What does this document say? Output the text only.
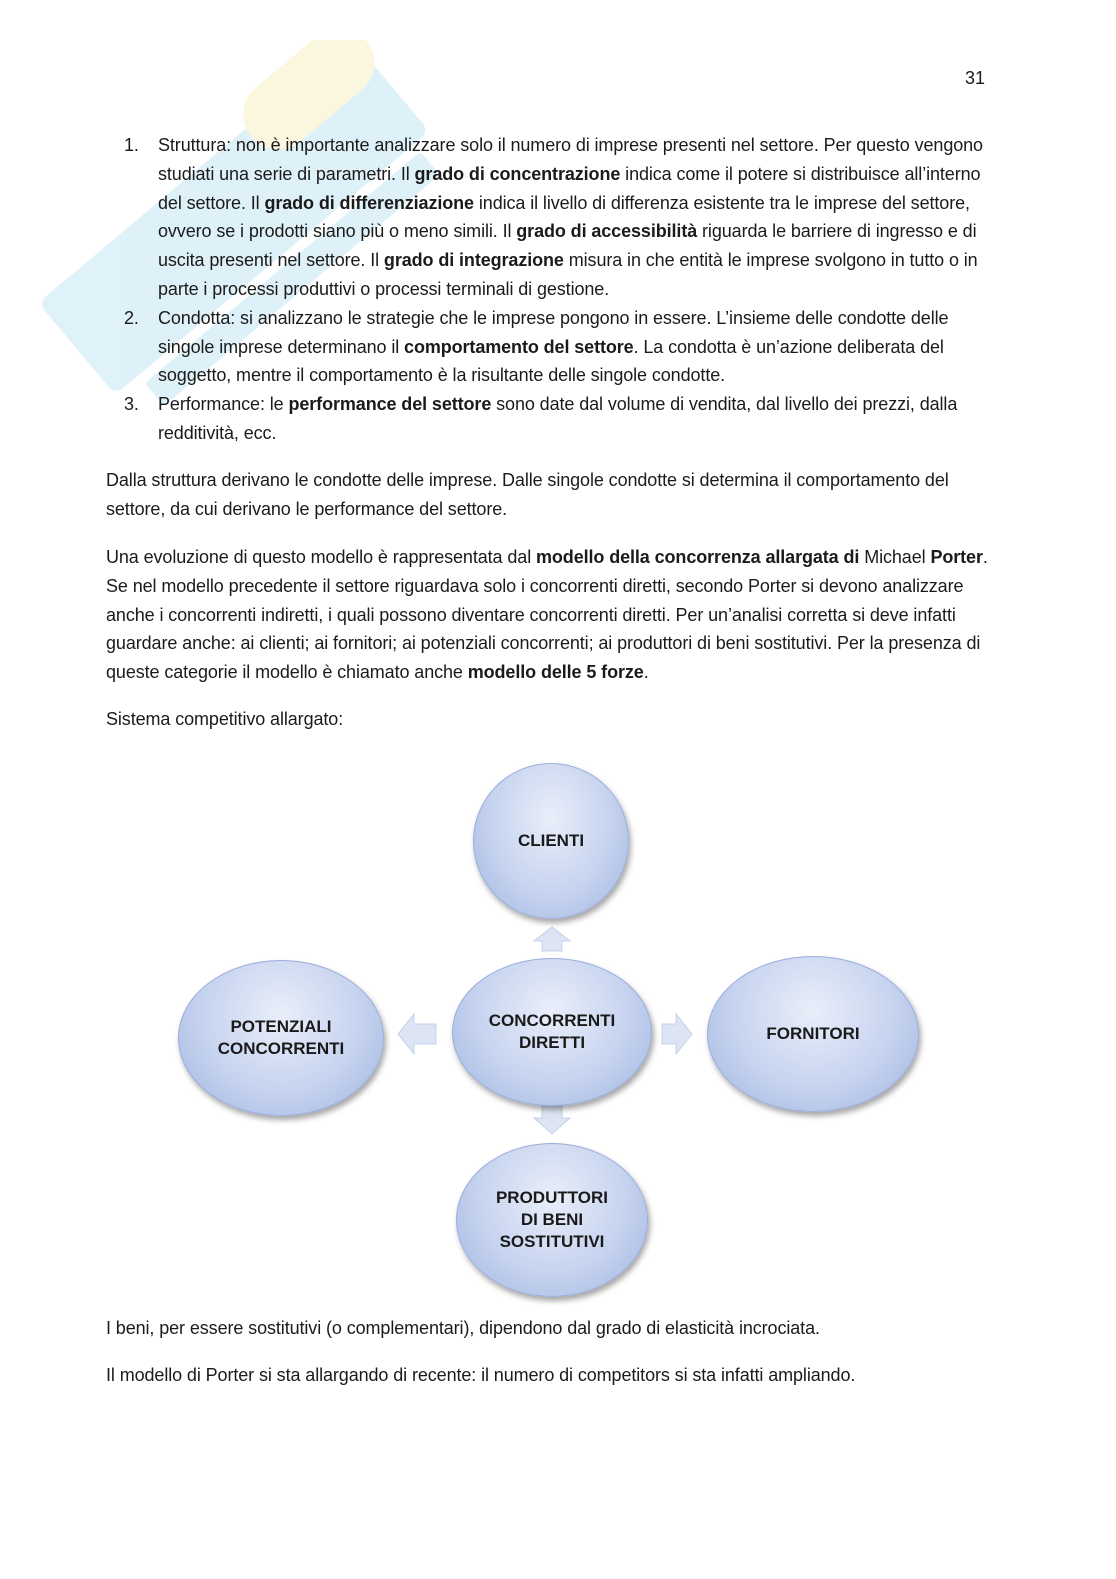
31
1. Struttura: non è importante analizzare solo il numero di imprese presenti nel settore. Per questo vengono studiati una serie di parametri. Il grado di concentrazione indica come il potere si distribuisce all’interno del settore. Il grado di differenziazione indica il livello di differenza esistente tra le imprese del settore, ovvero se i prodotti siano più o meno simili. Il grado di accessibilità riguarda le barriere di ingresso e di uscita presenti nel settore. Il grado di integrazione misura in che entità le imprese svolgono in tutto o in parte i processi produttivi o processi terminali di gestione.
2. Condotta: si analizzano le strategie che le imprese pongono in essere. L’insieme delle condotte delle singole imprese determinano il comportamento del settore. La condotta è un’azione deliberata del soggetto, mentre il comportamento è la risultante delle singole condotte.
3. Performance: le performance del settore sono date dal volume di vendita, dal livello dei prezzi, dalla redditività, ecc.

Dalla struttura derivano le condotte delle imprese. Dalle singole condotte si determina il comportamento del settore, da cui derivano le performance del settore.

Una evoluzione di questo modello è rappresentata dal modello della concorrenza allargata di Michael Porter. Se nel modello precedente il settore riguardava solo i concorrenti diretti, secondo Porter si devono analizzare anche i concorrenti indiretti, i quali possono diventare concorrenti diretti. Per un’analisi corretta si deve infatti guardare anche: ai clienti; ai fornitori; ai potenziali concorrenti; ai produttori di beni sostitutivi. Per la presenza di queste categorie il modello è chiamato anche modello delle 5 forze.

Sistema competitivo allargato:

CLIENTI
CONCORRENTI
DIRETTI
POTENZIALI
CONCORRENTI
FORNITORI
PRODUTTORI
DI BENI
SOSTITUTIVI

I beni, per essere sostitutivi (o complementari), dipendono dal grado di elasticità incrociata.

Il modello di Porter si sta allargando di recente: il numero di competitors si sta infatti ampliando.
